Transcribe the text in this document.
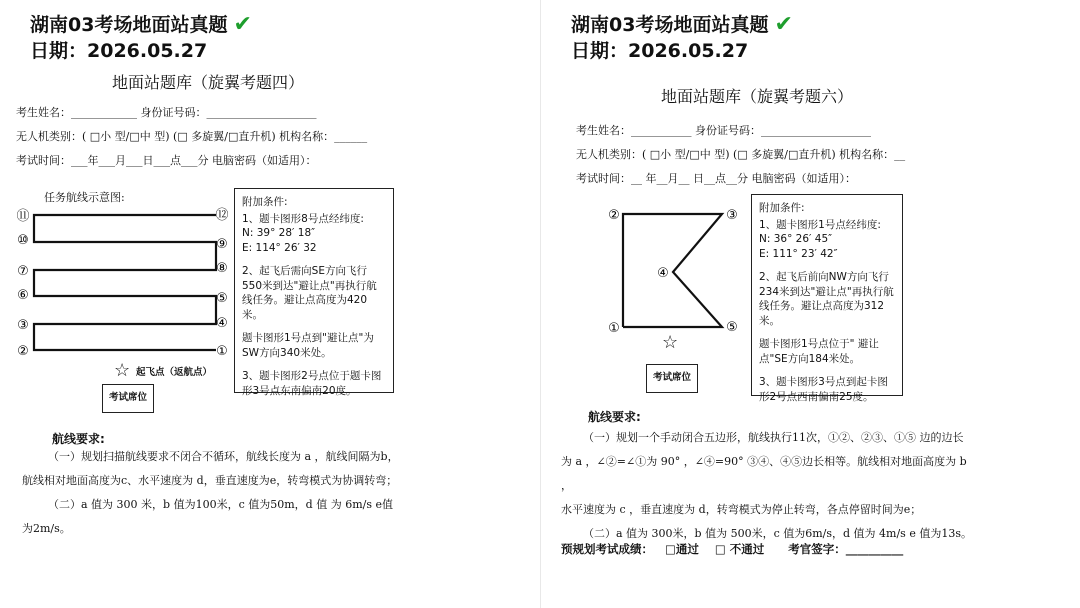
湖南03考场地面站真题 ✔
日期：2026.05.27
地面站题库（旋翼考题四）
考生姓名：____________ 身份证号码：____________________
无人机类别：( □小 型/□中 型) (□ 多旋翼/□直升机) 机构名称：______
考试时间：___年___月___日___点___分 电脑密码（如适用）：
任务航线示意图:
①
②
③	④
⑤
⑥
⑦	⑧
⑨
⑩
⑪	⑫
☆ 起飞点（返航点）
考试席位

附加条件:

1、题卡图形8号点经纬度:
N: 39° 28′ 18″
E: 114° 26′ 32

2、起飞后需向SE方向飞行550米到达"避让点"再执行航线任务。避让点高度为420米。

题卡图形1号点到"避让点"为SW方向340米处。

3、题卡图形2号点位于题卡图形3号点东南偏南20度。

航线要求:

（一）规划扫描航线要求不闭合不循环，航线长度为 a ，航线间隔为b，航线相对地面高度为c、水平速度为 d，垂直速度为e，转弯模式为协调转弯；

（二）a 值为 300 米，b 值为100米，c 值为50m，d 值 为 6m/s e值为2m/s。

湖南03考场地面站真题 ✔
日期：2026.05.27
地面站题库（旋翼考题六）
考生姓名：___________ 身份证号码：____________________
无人机类别：( □小 型/□中 型) (□ 多旋翼/□直升机) 机构名称：__
考试时间：__ 年__月__ 日__点__分 电脑密码（如适用）：
①
②	③
④
⑤
☆
考试席位

附加条件:

1、题卡图形1号点经纬度:
N: 36° 26′ 45″
E: 111° 23′ 42″

2、起飞后前向NW方向飞行234米到达"避让点"再执行航线任务。避让点高度为312米。

题卡图形1号点位于" 避让点"SE方向184米处。

3、题卡图形3号点到起卡图形2号点西南偏南25度。

航线要求:

（一）规划一个手动闭合五边形，航线执行11次，①②、②③、①⑤ 边的边长

为 a ，∠②=∠①为 90° ，∠④=90° ③④、④⑤边长相等。航线相对地面高度为 b ，

水平速度为 c ，垂直速度为 d，转弯模式为停止转弯，各点停留时间为e；

（二）a 值为 300米，b 值为 500米，c 值为6m/s，d 值为 4m/s e 值为13s。

预规划考试成绩： □通过 □ 不通过 考官签字：__________
